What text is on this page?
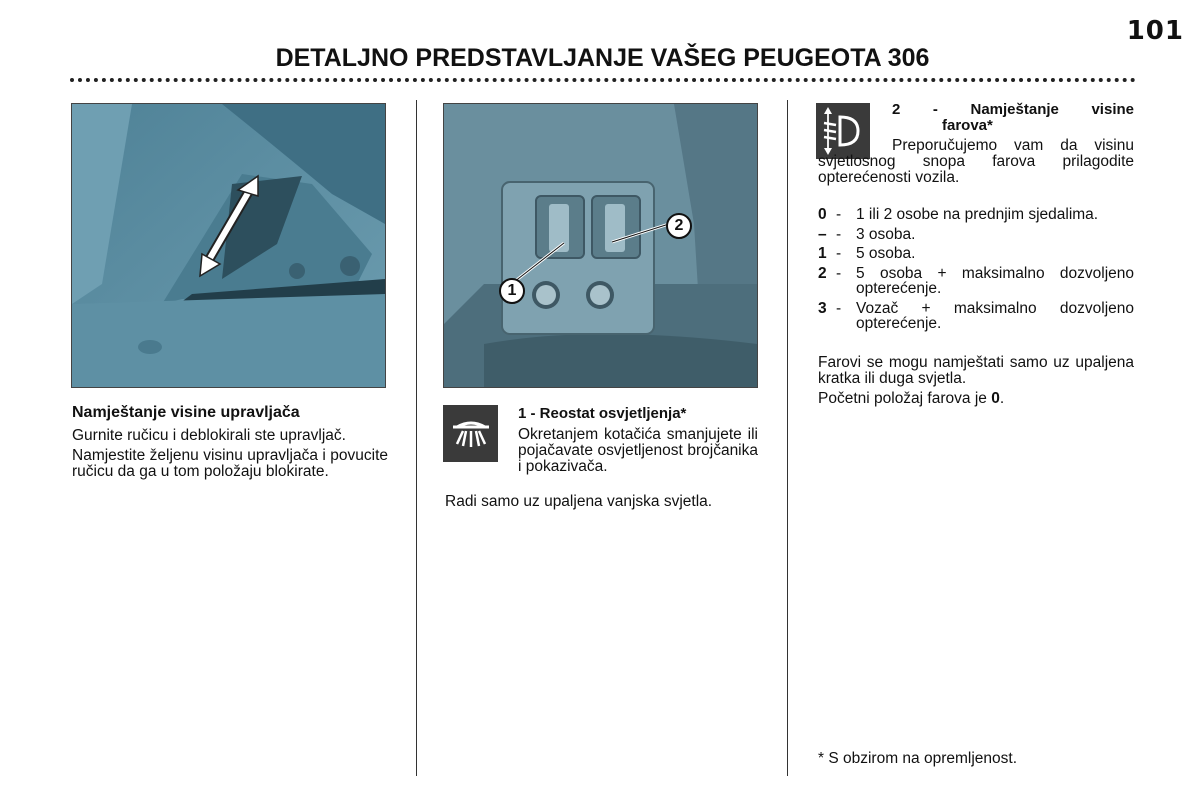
101
DETALJNO PREDSTAVLJANJE VAŠEG PEUGEOTA 306
Namještanje visine upravljača

Gurnite ručicu i deblokirali ste upravljač.

Namjestite željenu visinu upravljača i povucite ručicu da ga u tom položaju blokirate.

1
2
1 - Reostat osvjetljenja*

Okretanjem kotačića smanjujete ili pojačavate osvjetljenost brojčanika i pokazivača.

Radi samo uz upaljena vanjska svjetla.

2 - Namještanje visine
farova*

Preporučujemo vam da visinu svjetlosnog snopa farova prilagodite opterećenosti vozila.

0 - 1 ili 2 osobe na prednjim sjedalima.
– - 3 osoba.
1 - 5 osoba.
2 - 5 osoba + maksimalno dozvoljeno opterećenje.
3 - Vozač + maksimalno dozvoljeno opterećenje.

Farovi se mogu namještati samo uz upaljena kratka ili duga svjetla.

Početni položaj farova je 0.

* S obzirom na opremljenost.
